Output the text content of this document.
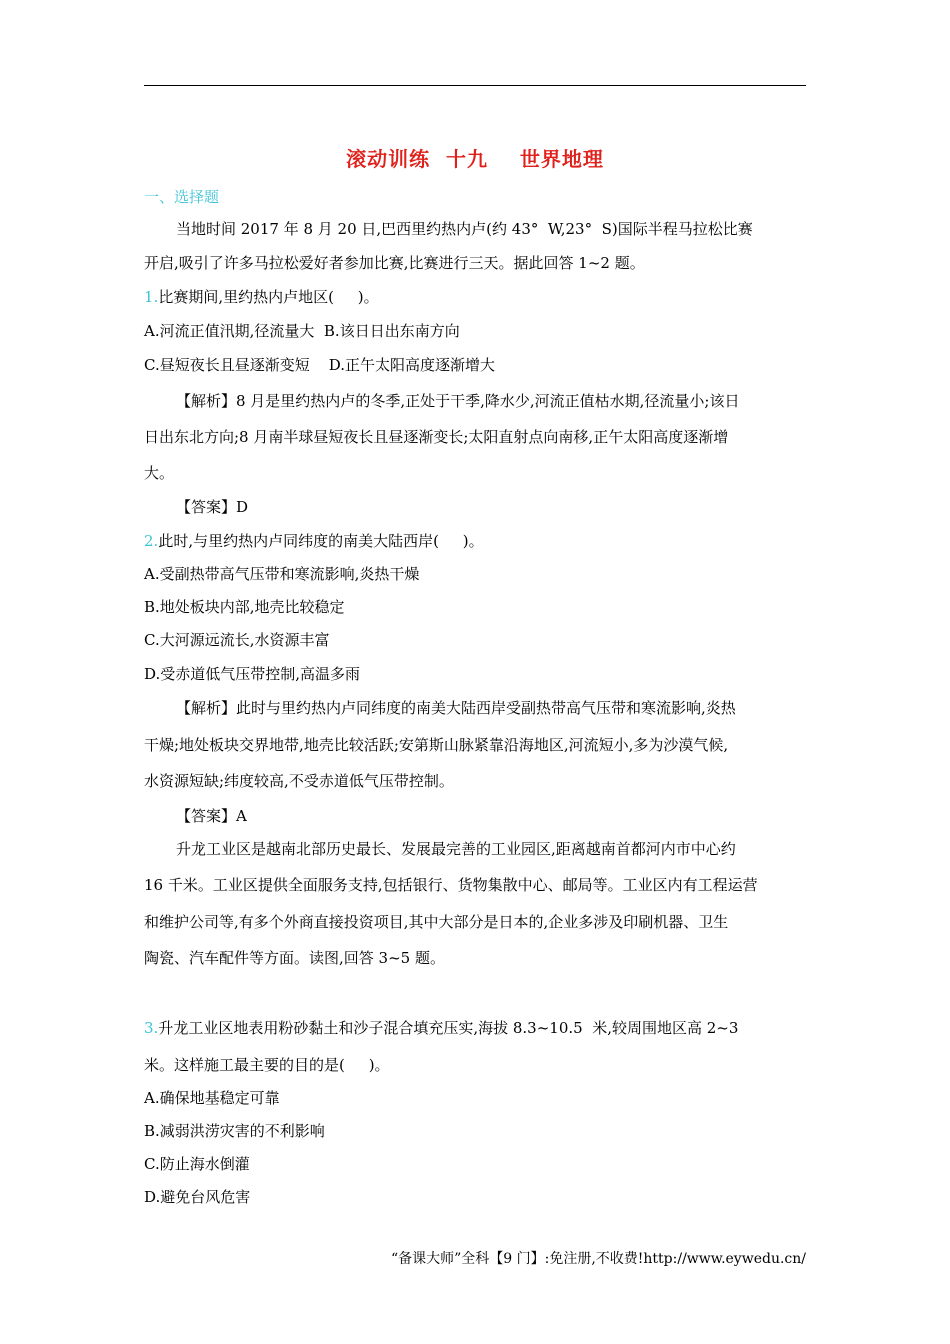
滚动训练  十九    世界地理
一、选择题
当地时间 2017 年 8 月 20 日,巴西里约热内卢(约 43°  W,23°  S)国际半程马拉松比赛
开启,吸引了许多马拉松爱好者参加比赛,比赛进行三天。据此回答 1~2 题。
1.比赛期间,里约热内卢地区(     )。
A.河流正值汛期,径流量大  B.该日日出东南方向
C.昼短夜长且昼逐渐变短    D.正午太阳高度逐渐增大
【解析】8 月是里约热内卢的冬季,正处于干季,降水少,河流正值枯水期,径流量小;该日
日出东北方向;8 月南半球昼短夜长且昼逐渐变长;太阳直射点向南移,正午太阳高度逐渐增
大。
【答案】D
2.此时,与里约热内卢同纬度的南美大陆西岸(     )。
A.受副热带高气压带和寒流影响,炎热干燥
B.地处板块内部,地壳比较稳定
C.大河源远流长,水资源丰富
D.受赤道低气压带控制,高温多雨
【解析】此时与里约热内卢同纬度的南美大陆西岸受副热带高气压带和寒流影响,炎热
干燥;地处板块交界地带,地壳比较活跃;安第斯山脉紧靠沿海地区,河流短小,多为沙漠气候,
水资源短缺;纬度较高,不受赤道低气压带控制。
【答案】A
升龙工业区是越南北部历史最长、发展最完善的工业园区,距离越南首都河内市中心约
16 千米。工业区提供全面服务支持,包括银行、货物集散中心、邮局等。工业区内有工程运营
和维护公司等,有多个外商直接投资项目,其中大部分是日本的,企业多涉及印刷机器、卫生
陶瓷、汽车配件等方面。读图,回答 3~5 题。
3.升龙工业区地表用粉砂黏土和沙子混合填充压实,海拔 8.3~10.5  米,较周围地区高 2~3
米。这样施工最主要的目的是(     )。
A.确保地基稳定可靠
B.减弱洪涝灾害的不利影响
C.防止海水倒灌
D.避免台风危害
“备课大师”全科【9 门】:免注册,不收费!http://www.eywedu.cn/
